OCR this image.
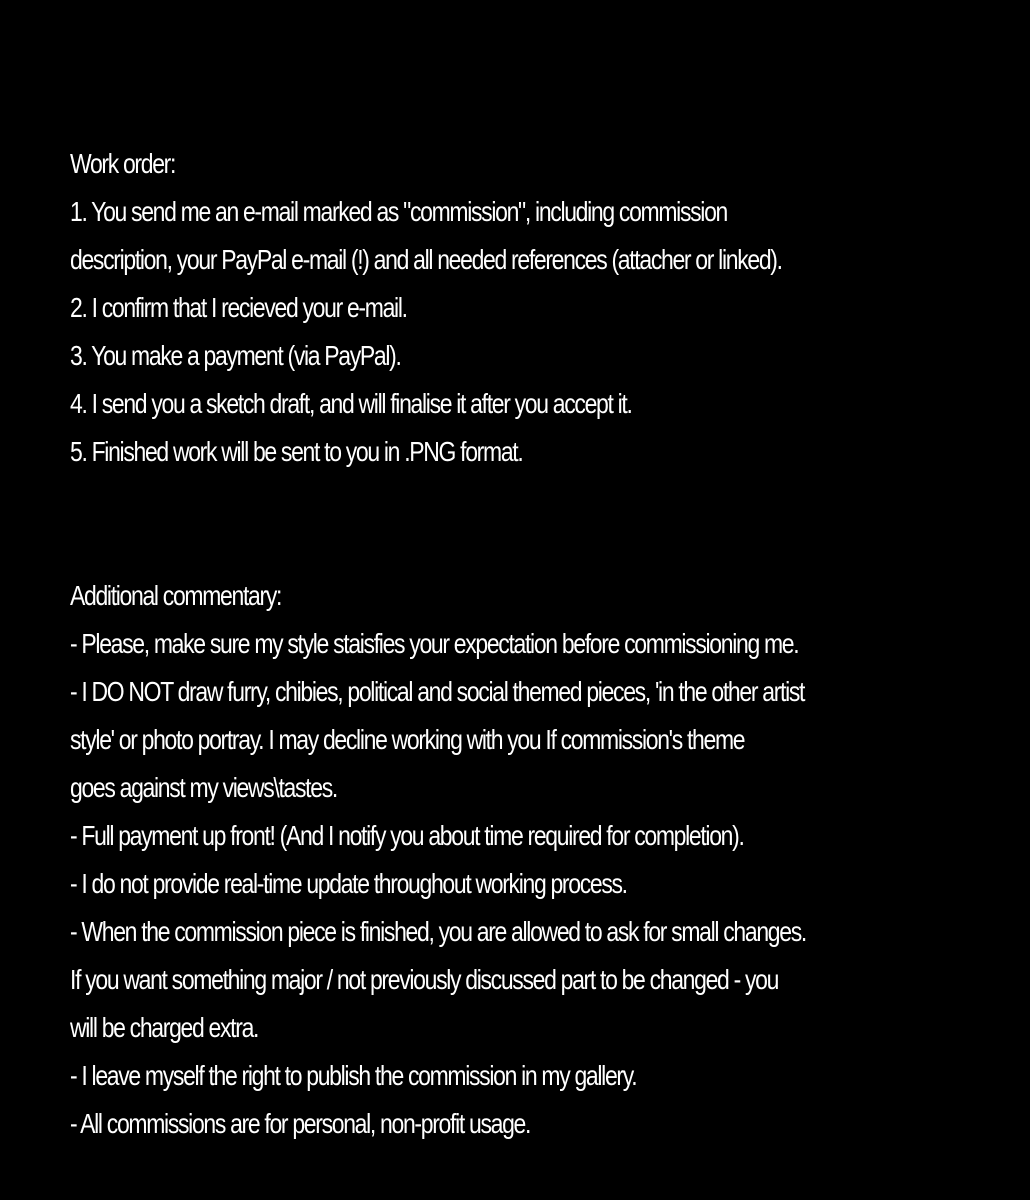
Work order:
1. You send me an e-mail marked as "commission", including commission
description, your PayPal e-mail (!) and all needed references (attacher or linked).
2. I confirm that I recieved your e-mail.
3. You make a payment (via PayPal).
4. I send you a sketch draft, and will finalise it after you accept it.
5. Finished work will be sent to you in .PNG format.
Additional commentary:
- Please, make sure my style staisfies your expectation before commissioning me.
- I DO NOT draw furry, chibies, political and social themed pieces, 'in the other artist
style' or photo portray. I may decline working with you If commission's theme
goes against my views\tastes.
- Full payment up front! (And I notify you about time required for completion).
- I do not provide real-time update throughout working process.
- When the commission piece is finished, you are allowed to ask for small changes.
If you want something major / not previously discussed part to be changed - you
will be charged extra.
- I leave myself the right to publish the commission in my gallery.
- All commissions are for personal, non-profit usage.
